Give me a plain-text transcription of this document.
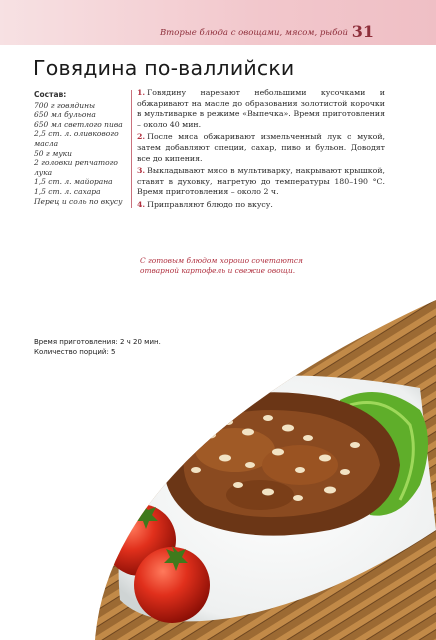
Вторые блюда с овощами, мясом, рыбой 31
Говядина по-валлийски
Состав:
700 г говядины
650 мл бульона
650 мл светлого пива
2,5 ст. л. оливкового масла
50 г муки
2 головки репчатого лука
1,5 ст. л. майорана
1,5 ст. л. сахара
Перец и соль по вкусу

1. Говядину нарезают небольшими кусочками и обжаривают на масле до образования золотистой корочки в мультиварке в режиме «Выпечка». Время приготовления – около 40 мин.

2. После мяса обжаривают измельченный лук с мукой, затем добавляют специи, сахар, пиво и бульон. Доводят все до кипения.

3. Выкладывают мясо в мультиварку, накрывают крышкой, ставят в духовку, нагретую до температуры 180–190 °С. Время приготовления – около 2 ч.

4. Приправляют блюдо по вкусу.

С готовым блюдом хорошо сочетаются
отварной картофель и свежие овощи.
Время приготовления: 2 ч 20 мин.
Количество порций: 5
